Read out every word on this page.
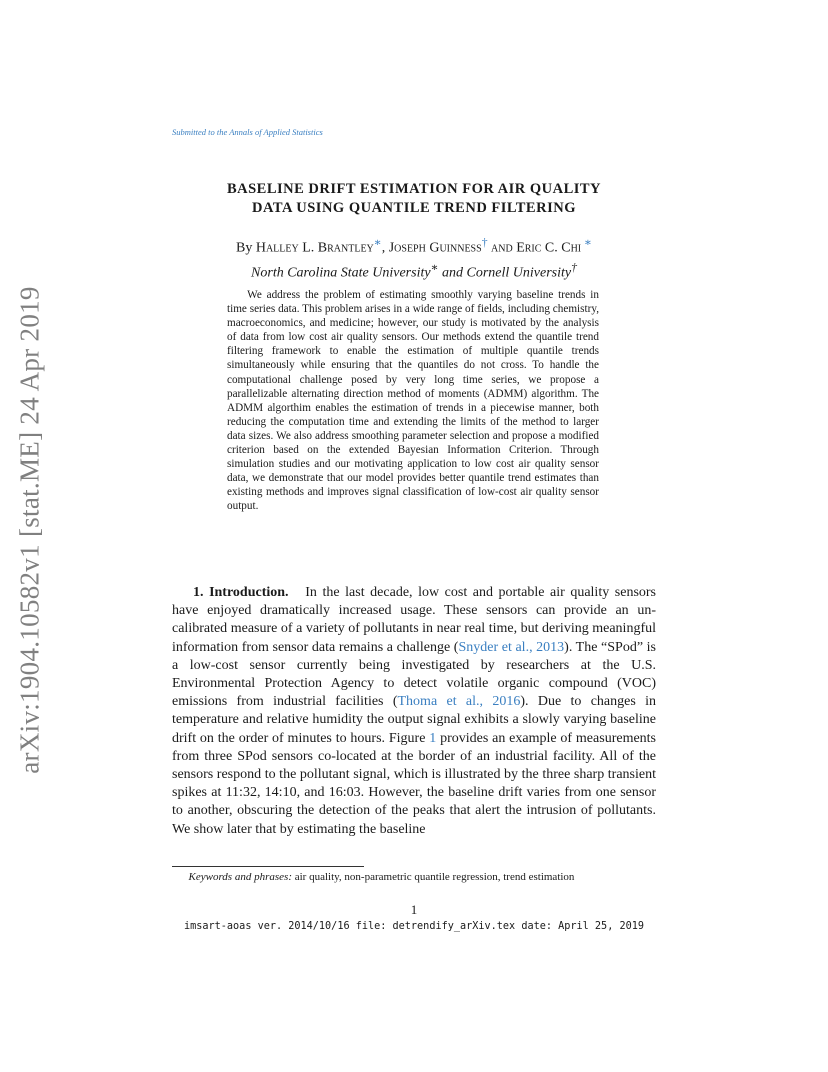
arXiv:1904.10582v1 [stat.ME] 24 Apr 2019
Submitted to the Annals of Applied Statistics
BASELINE DRIFT ESTIMATION FOR AIR QUALITY
DATA USING QUANTILE TREND FILTERING
By Halley L. Brantley∗, Joseph Guinness† and Eric C. Chi ∗
North Carolina State University∗ and Cornell University†
We address the problem of estimating smoothly varying baseline trends in time series data. This problem arises in a wide range of fields, including chemistry, macroeconomics, and medicine; however, our study is motivated by the analysis of data from low cost air quality sensors. Our methods extend the quantile trend filtering framework to enable the estimation of multiple quantile trends simultaneously while ensuring that the quantiles do not cross. To handle the computational challenge posed by very long time series, we propose a parallelizable alternating direction method of moments (ADMM) algorithm. The ADMM algorthim enables the estimation of trends in a piecewise manner, both reducing the computation time and extending the limits of the method to larger data sizes. We also address smoothing parameter selection and propose a modified criterion based on the extended Bayesian Information Criterion. Through simulation studies and our motivating application to low cost air quality sensor data, we demonstrate that our model provides better quantile trend estimates than existing methods and improves signal classification of low-cost air quality sensor output.
1. Introduction. In the last decade, low cost and portable air quality sensors have enjoyed dramatically increased usage. These sensors can provide an un-calibrated measure of a variety of pollutants in near real time, but deriving meaningful information from sensor data remains a challenge (Snyder et al., 2013). The “SPod” is a low-cost sensor currently being investigated by researchers at the U.S. Environmental Protection Agency to detect volatile organic compound (VOC) emissions from industrial facilities (Thoma et al., 2016). Due to changes in temperature and relative humidity the output signal exhibits a slowly varying baseline drift on the order of minutes to hours. Figure 1 provides an example of measurements from three SPod sensors co-located at the border of an industrial facility. All of the sensors respond to the pollutant signal, which is illustrated by the three sharp transient spikes at 11:32, 14:10, and 16:03. However, the baseline drift varies from one sensor to another, obscuring the detection of the peaks that alert the intrusion of pollutants. We show later that by estimating the baseline
Keywords and phrases: air quality, non-parametric quantile regression, trend estimation
1
imsart-aoas ver. 2014/10/16 file: detrendify_arXiv.tex date: April 25, 2019
